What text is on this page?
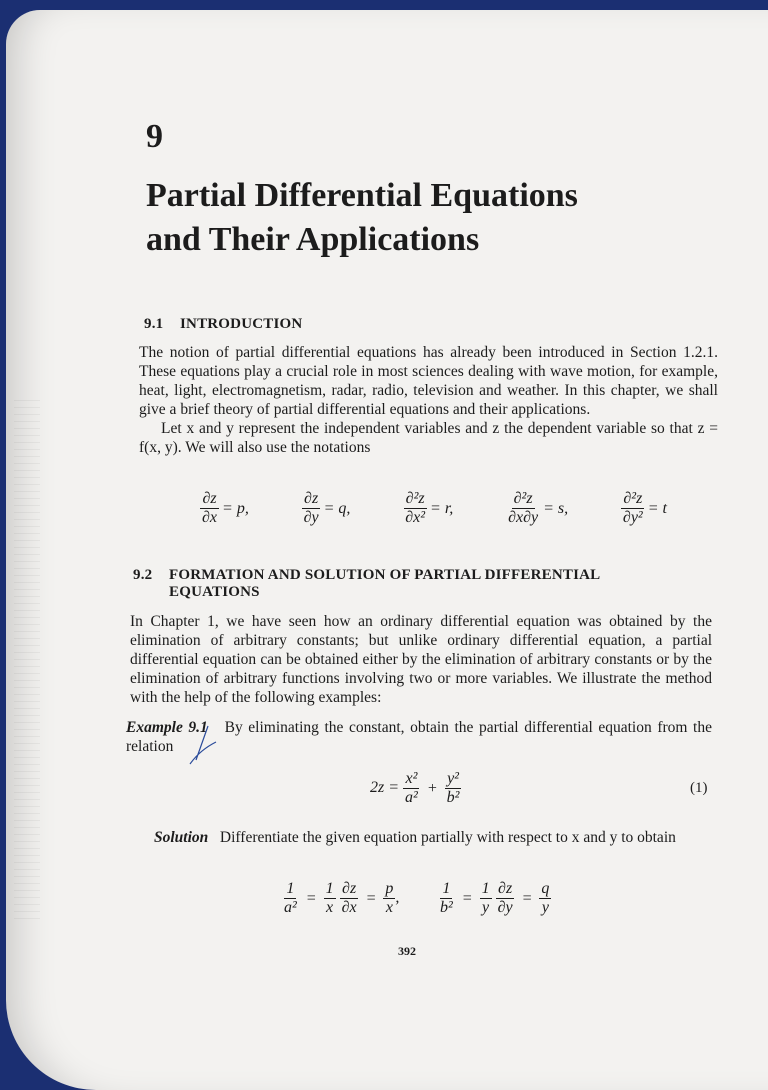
9
Partial Differential Equations
and Their Applications
9.1 INTRODUCTION

The notion of partial differential equations has already been introduced in Section 1.2.1. These equations play a crucial role in most sciences dealing with wave motion, for example, heat, light, electromagnetism, radar, radio, television and weather. In this chapter, we shall give a brief theory of partial differential equations and their applications.

Let x and y represent the independent variables and z the dependent variable so that z = f(x, y). We will also use the notations

$\frac{\partial z}{\partial x} = p$,	$\frac{\partial z}{\partial y} = q$,	$\frac{\text{∂²z}}{\text{∂x²}} = r$,	$\frac{\text{∂²z}}{\partial x\partial y} = s$,	$\frac{\text{∂²z}}{\text{∂y²}} = t$
9.2 FORMATION AND SOLUTION OF PARTIAL DIFFERENTIAL
EQUATIONS
In Chapter 1, we have seen how an ordinary differential equation was obtained by the elimination of arbitrary constants; but unlike ordinary differential equation, a partial differential equation can be obtained either by the elimination of arbitrary constants or by the elimination of arbitrary functions involving two or more variables. We illustrate the method with the help of the following examples:
Example 9.1 By eliminating the constant, obtain the partial differential equation from the relation
$2z = \frac{\text{x²}}{\text{a²}} + \frac{\text{y²}}{\text{b²}}$	(1)
Solution Differentiate the given equation partially with respect to x and y to obtain
$\frac{1}{\text{a²}} = \frac{1}{x}$
$\frac{\partial z}{\partial x} = \frac{p}{x}$ , $\frac{1}{\text{b²}} = \frac{1}{y}$
$\frac{\partial z}{\partial y} = \frac{q}{y}$
392
